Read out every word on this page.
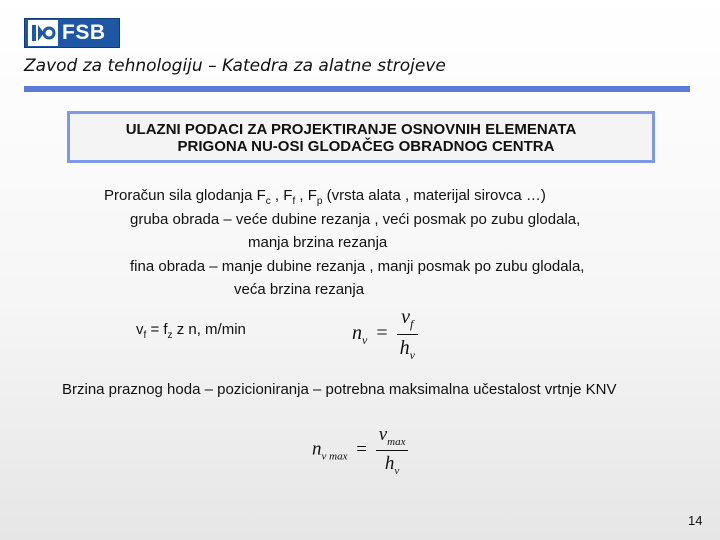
FSB
Zavod za tehnologiju – Katedra za alatne strojeve
ULAZNI PODACI ZA PROJEKTIRANJE OSNOVNIH ELEMENATA
PRIGONA NU-OSI GLODAČEG OBRADNOG CENTRA
Proračun sila glodanja $F_c$ , $F_f$ , $F_p$ (vrsta alata , materijal sirovca …)
gruba obrada – veće dubine rezanja , veći posmak po zubu glodala,
manja brzina rezanja
fina obrada – manje dubine rezanja , manji posmak po zubu glodala,
veća brzina rezanja
$v_f = f_z$ z n, m/min	$n_v = \frac{v_f}{h_v}$
Brzina praznog hoda – pozicioniranja – potrebna maksimalna učestalost vrtnje KNV
$n_{v max} = \frac{v_{max}}{h_v}$
14
